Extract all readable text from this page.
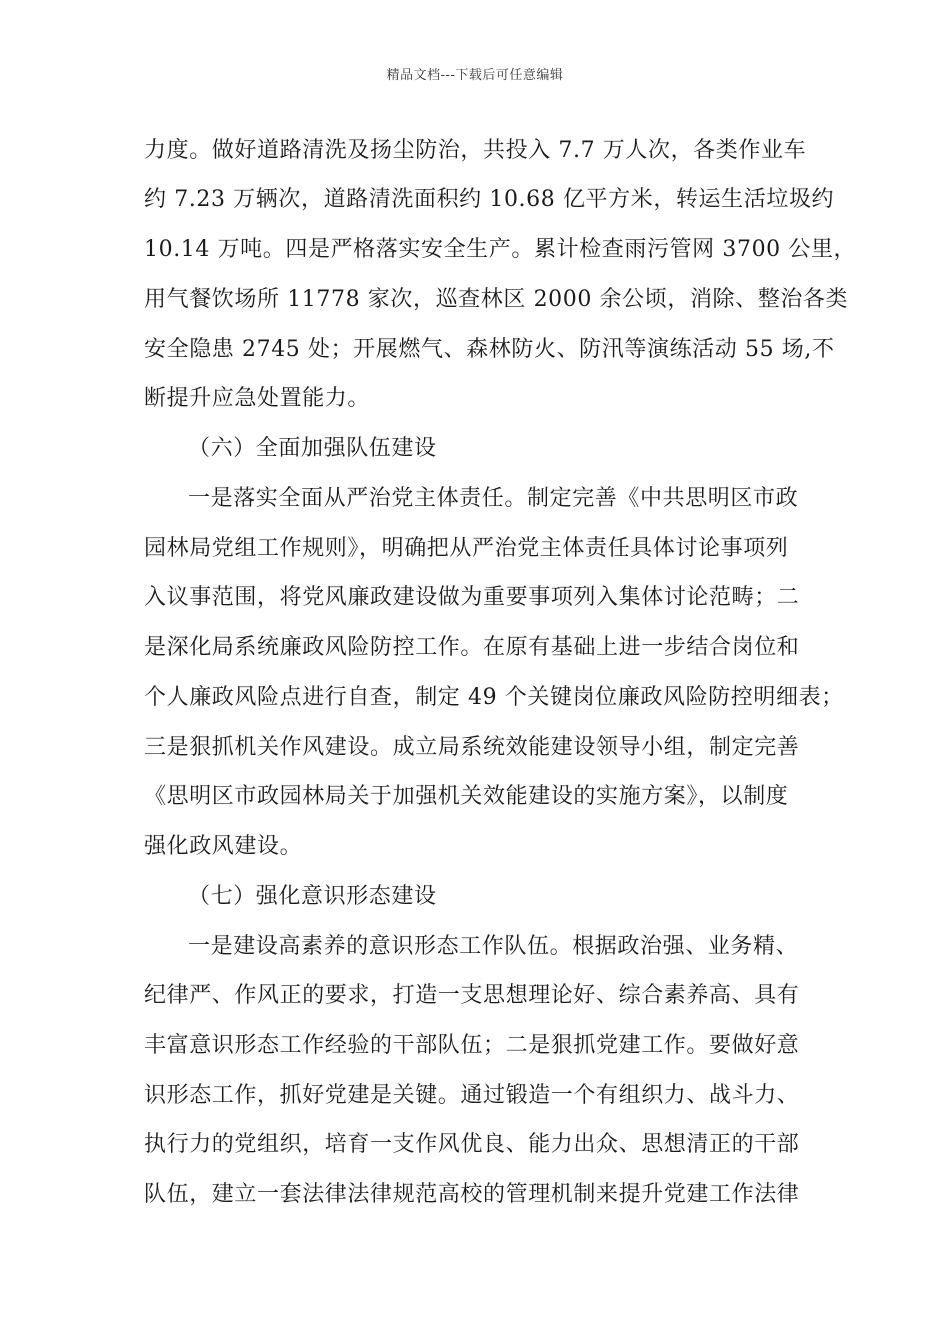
精品文档---下载后可任意编辑
力度。做好道路清洗及扬尘防治，共投入 7.7 万人次，各类作业车
约 7.23 万辆次，道路清洗面积约 10.68 亿平方米，转运生活垃圾约
10.14 万吨。四是严格落实安全生产。累计检查雨污管网 3700 公里，
用气餐饮场所 11778 家次，巡查林区 2000 余公顷，消除、整治各类
安全隐患 2745 处；开展燃气、森林防火、防汛等演练活动 55 场,不
断提升应急处置能力。
（六）全面加强队伍建设
一是落实全面从严治党主体责任。制定完善《中共思明区市政
园林局党组工作规则》，明确把从严治党主体责任具体讨论事项列
入议事范围，将党风廉政建设做为重要事项列入集体讨论范畴；二
是深化局系统廉政风险防控工作。在原有基础上进一步结合岗位和
个人廉政风险点进行自查，制定 49 个关键岗位廉政风险防控明细表；
三是狠抓机关作风建设。成立局系统效能建设领导小组，制定完善
《思明区市政园林局关于加强机关效能建设的实施方案》，以制度
强化政风建设。
（七）强化意识形态建设
一是建设高素养的意识形态工作队伍。根据政治强、业务精、
纪律严、作风正的要求，打造一支思想理论好、综合素养高、具有
丰富意识形态工作经验的干部队伍；二是狠抓党建工作。要做好意
识形态工作，抓好党建是关键。通过锻造一个有组织力、战斗力、
执行力的党组织，培育一支作风优良、能力出众、思想清正的干部
队伍，建立一套法律法律规范高校的管理机制来提升党建工作法律
